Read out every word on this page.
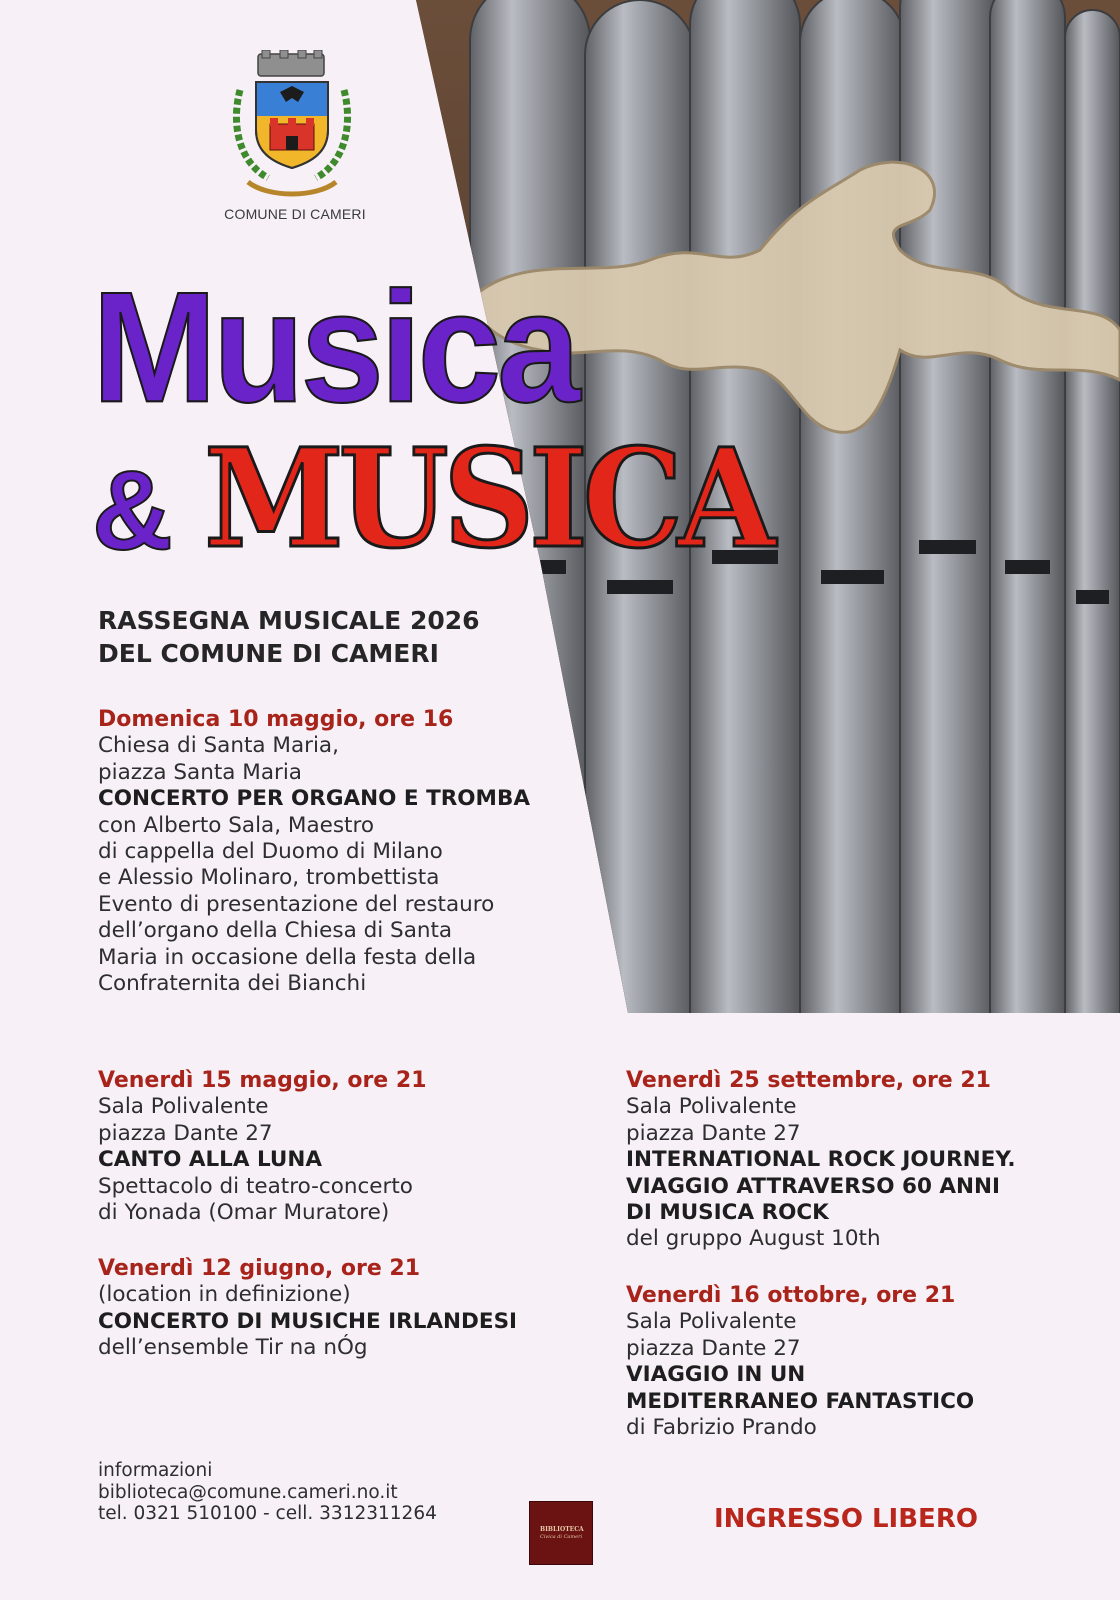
COMUNE DI CAMERI
Musica
& MUSICA
RASSEGNA MUSICALE 2026
DEL COMUNE DI CAMERI
Domenica 10 maggio, ore 16
Chiesa di Santa Maria,
piazza Santa Maria
CONCERTO PER ORGANO E TROMBA
con Alberto Sala, Maestro
di cappella del Duomo di Milano
e Alessio Molinaro, trombettista
Evento di presentazione del restauro
dell’organo della Chiesa di Santa
Maria in occasione della festa della
Confraternita dei Bianchi
Venerdì 15 maggio, ore 21
Sala Polivalente
piazza Dante 27
CANTO ALLA LUNA
Spettacolo di teatro-concerto
di Yonada (Omar Muratore)
Venerdì 12 giugno, ore 21
(location in definizione)
CONCERTO DI MUSICHE IRLANDESI
dell’ensemble Tir na nÓg
Venerdì 25 settembre, ore 21
Sala Polivalente
piazza Dante 27
INTERNATIONAL ROCK JOURNEY.
VIAGGIO ATTRAVERSO 60 ANNI
DI MUSICA ROCK
del gruppo August 10th
Venerdì 16 ottobre, ore 21
Sala Polivalente
piazza Dante 27
VIAGGIO IN UN
MEDITERRANEO FANTASTICO
di Fabrizio Prando
informazioni
biblioteca@comune.cameri.no.it
tel. 0321 510100 - cell. 3312311264
BIBLIOTECA
Civica di Cameri
INGRESSO LIBERO
